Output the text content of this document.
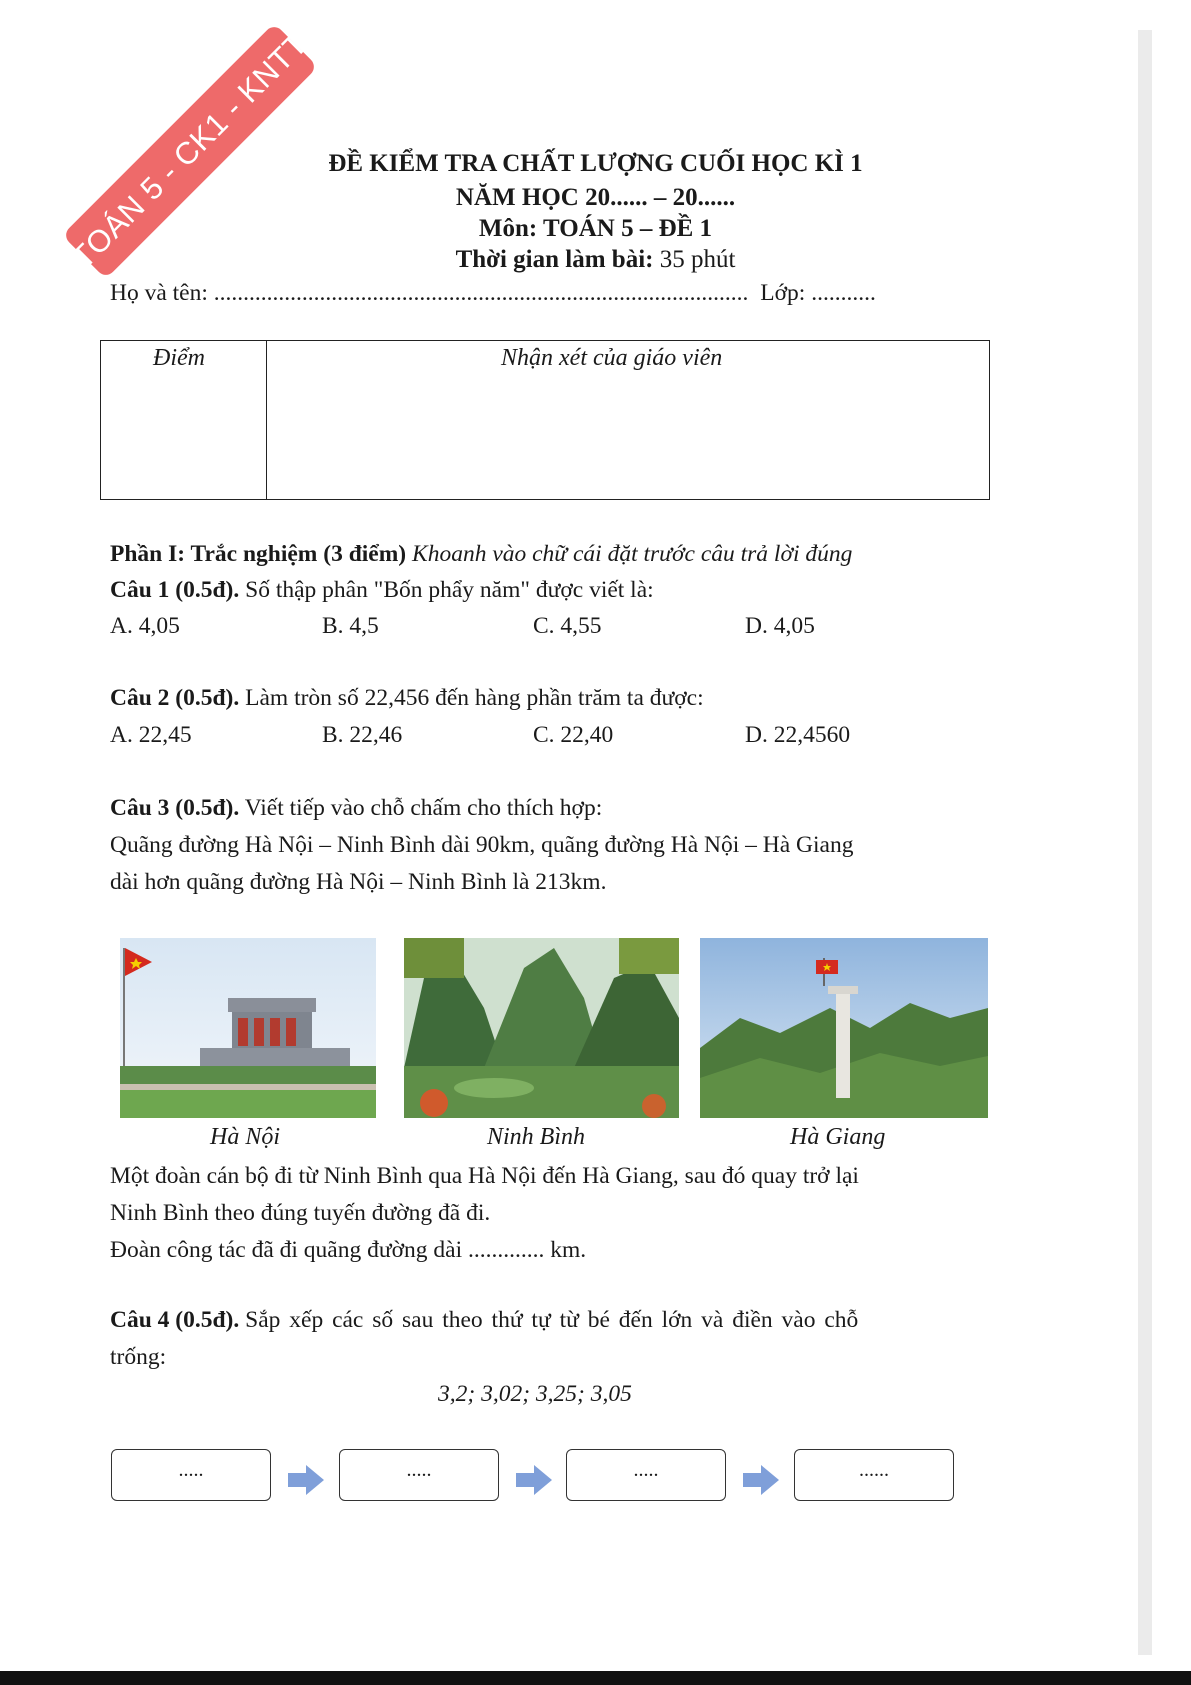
TOÁN 5 - CK1 - KNTT ĐỀ KIỂM TRA CHẤT LƯỢNG CUỐI HỌC KÌ 1
NĂM HỌC 20...... – 20......
Môn: TOÁN 5 – ĐỀ 1
Thời gian làm bài: 35 phút
Họ và tên: ........................................................................................... Lớp: ...........
Điểm	Nhận xét của giáo viên
Phần I: Trắc nghiệm (3 điểm) Khoanh vào chữ cái đặt trước câu trả lời đúng
Câu 1 (0.5đ). Số thập phân "Bốn phẩy năm" được viết là:
A. 4,05	B. 4,5	C. 4,55	D. 4,05
Câu 2 (0.5đ). Làm tròn số 22,456 đến hàng phần trăm ta được:
A. 22,45	B. 22,46	C. 22,40	D. 22,4560
Câu 3 (0.5đ). Viết tiếp vào chỗ chấm cho thích hợp:
Quãng đường Hà Nội – Ninh Bình dài 90km, quãng đường Hà Nội – Hà Giang
dài hơn quãng đường Hà Nội – Ninh Bình là 213km.
Hà Nội	Ninh Bình	Hà Giang
Một đoàn cán bộ đi từ Ninh Bình qua Hà Nội đến Hà Giang, sau đó quay trở lại
Ninh Bình theo đúng tuyến đường đã đi.
Đoàn công tác đã đi quãng đường dài ............. km.
Câu 4 (0.5đ). Sắp xếp các số sau theo thứ tự từ bé đến lớn và điền vào chỗ
trống:
3,2; 3,02; 3,25; 3,05
.....	.....	.....	......
